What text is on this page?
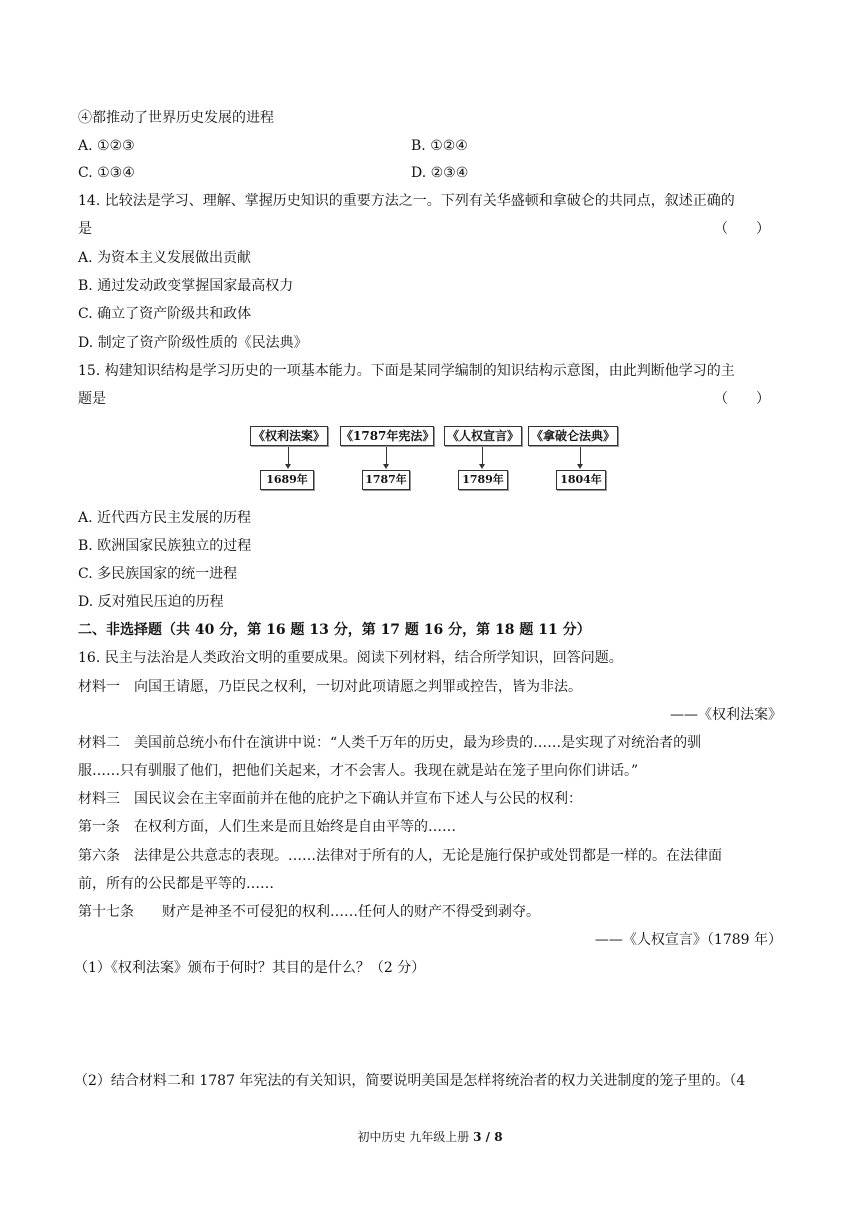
④都推动了世界历史发展的进程
A. ①②③	B. ①②④
C. ①③④	D. ②③④
14. 比较法是学习、理解、掌握历史知识的重要方法之一。下列有关华盛顿和拿破仑的共同点，叙述正确的
是	（　　）
A. 为资本主义发展做出贡献
B. 通过发动政变掌握国家最高权力
C. 确立了资产阶级共和政体
D. 制定了资产阶级性质的《民法典》
15. 构建知识结构是学习历史的一项基本能力。下面是某同学编制的知识结构示意图，由此判断他学习的主
题是	（　　）
《权利法案》 《1787年宪法》 《人权宣言》 《拿破仑法典》
1689年	1787年	1789年	1804年
A. 近代西方民主发展的历程
B. 欧洲国家民族独立的过程
C. 多民族国家的统一进程
D. 反对殖民压迫的历程
二、非选择题（共 40 分，第 16 题 13 分，第 17 题 16 分，第 18 题 11 分）
16. 民主与法治是人类政治文明的重要成果。阅读下列材料，结合所学知识，回答问题。
材料一　向国王请愿，乃臣民之权利，一切对此项请愿之判罪或控告，皆为非法。
——《权利法案》
材料二　美国前总统小布什在演讲中说：“人类千万年的历史，最为珍贵的……是实现了对统治者的驯
服……只有驯服了他们，把他们关起来，才不会害人。我现在就是站在笼子里向你们讲话。”
材料三　国民议会在主宰面前并在他的庇护之下确认并宣布下述人与公民的权利：
第一条　在权利方面，人们生来是而且始终是自由平等的……
第六条　法律是公共意志的表现。……法律对于所有的人，无论是施行保护或处罚都是一样的。在法律面
前，所有的公民都是平等的……
第十七条　　财产是神圣不可侵犯的权利……任何人的财产不得受到剥夺。
——《人权宣言》（1789 年）
（1）《权利法案》颁布于何时？其目的是什么？（2 分）
（2）结合材料二和 1787 年宪法的有关知识，简要说明美国是怎样将统治者的权力关进制度的笼子里的。（4
初中历史 九年级上册 3 / 8
